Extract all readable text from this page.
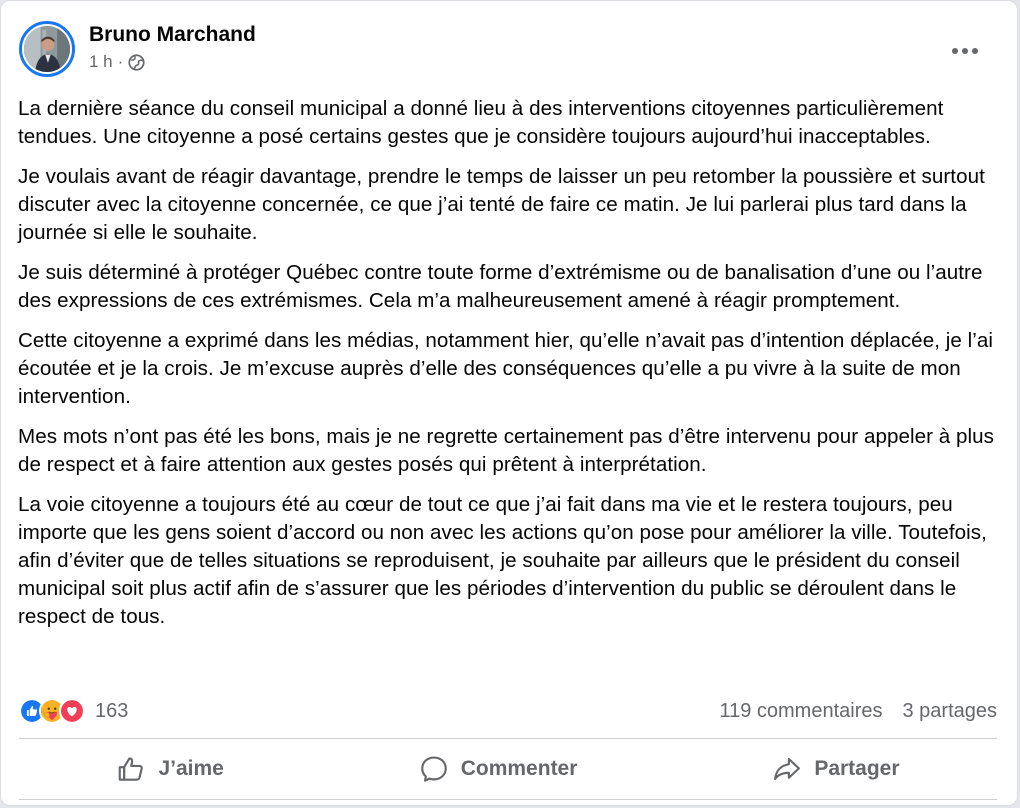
Bruno Marchand
1 h ·

La dernière séance du conseil municipal a donné lieu à des interventions citoyennes particulièrement tendues. Une citoyenne a posé certains gestes que je considère toujours aujourd’hui inacceptables.

Je voulais avant de réagir davantage, prendre le temps de laisser un peu retomber la poussière et surtout discuter avec la citoyenne concernée, ce que j’ai tenté de faire ce matin. Je lui parlerai plus tard dans la journée si elle le souhaite.

Je suis déterminé à protéger Québec contre toute forme d’extrémisme ou de banalisation d’une ou l’autre des expressions de ces extrémismes. Cela m’a malheureusement amené à réagir promptement.

Cette citoyenne a exprimé dans les médias, notamment hier, qu’elle n’avait pas d’intention déplacée, je l’ai écoutée et je la crois. Je m’excuse auprès d’elle des conséquences qu’elle a pu vivre à la suite de mon intervention.

Mes mots n’ont pas été les bons, mais je ne regrette certainement pas d’être intervenu pour appeler à plus de respect et à faire attention aux gestes posés qui prêtent à interprétation.

La voie citoyenne a toujours été au cœur de tout ce que j’ai fait dans ma vie et le restera toujours, peu importe que les gens soient d’accord ou non avec les actions qu’on pose pour améliorer la ville. Toutefois, afin d’éviter que de telles situations se reproduisent, je souhaite par ailleurs que le président du conseil municipal soit plus actif afin de s’assurer que les périodes d’intervention du public se déroulent dans le respect de tous.

163	119 commentaires 3 partages
J’aime	Commenter	Partager
